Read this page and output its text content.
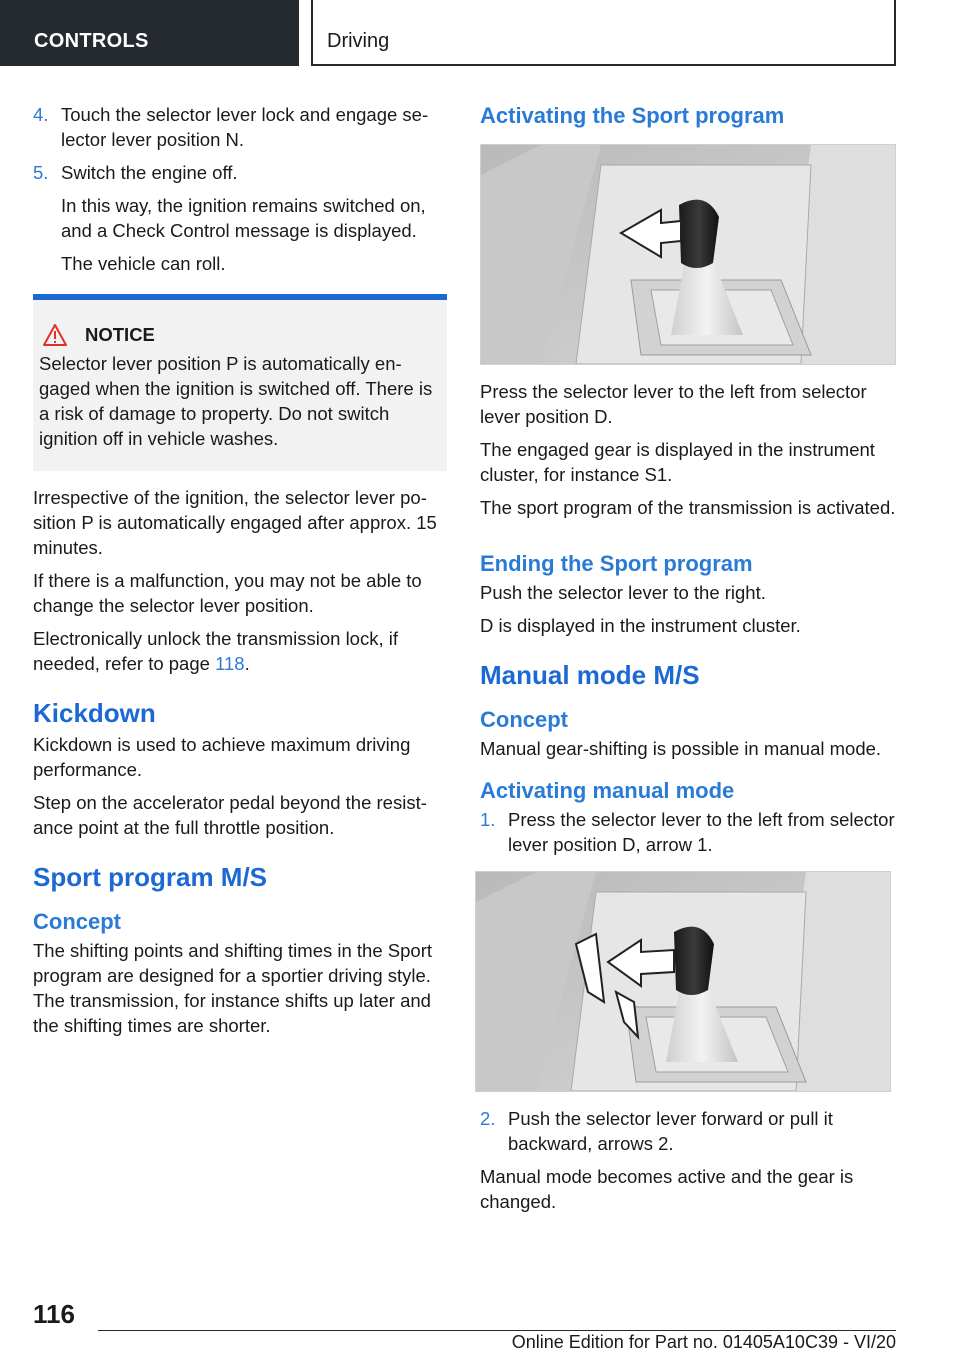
CONTROLS	Driving
4. Touch the selector lever lock and engage selector lever position N.

5. Switch the engine off.

In this way, the ignition remains switched on, and a Check Control message is displayed.

The vehicle can roll.

NOTICE

Selector lever position P is automatically engaged when the ignition is switched off. There is a risk of damage to property. Do not switch ignition off in vehicle washes.

Irrespective of the ignition, the selector lever position P is automatically engaged after approx. 15 minutes.

If there is a malfunction, you may not be able to change the selector lever position.

Electronically unlock the transmission lock, if needed, refer to page 118.

Kickdown

Kickdown is used to achieve maximum driving performance.

Step on the accelerator pedal beyond the resistance point at the full throttle position.

Sport program M/S
Concept

The shifting points and shifting times in the Sport program are designed for a sportier driving style. The transmission, for instance shifts up later and the shifting times are shorter.

Activating the Sport program

Press the selector lever to the left from selector lever position D.

The engaged gear is displayed in the instrument cluster, for instance S1.

The sport program of the transmission is activated.

Ending the Sport program

Push the selector lever to the right.

D is displayed in the instrument cluster.

Manual mode M/S
Concept

Manual gear-shifting is possible in manual mode.

Activating manual mode
1. Press the selector lever to the left from selector lever position D, arrow 1.

2. Push the selector lever forward or pull it backward, arrows 2.

Manual mode becomes active and the gear is changed.

116
Online Edition for Part no. 01405A10C39 - VI/20
